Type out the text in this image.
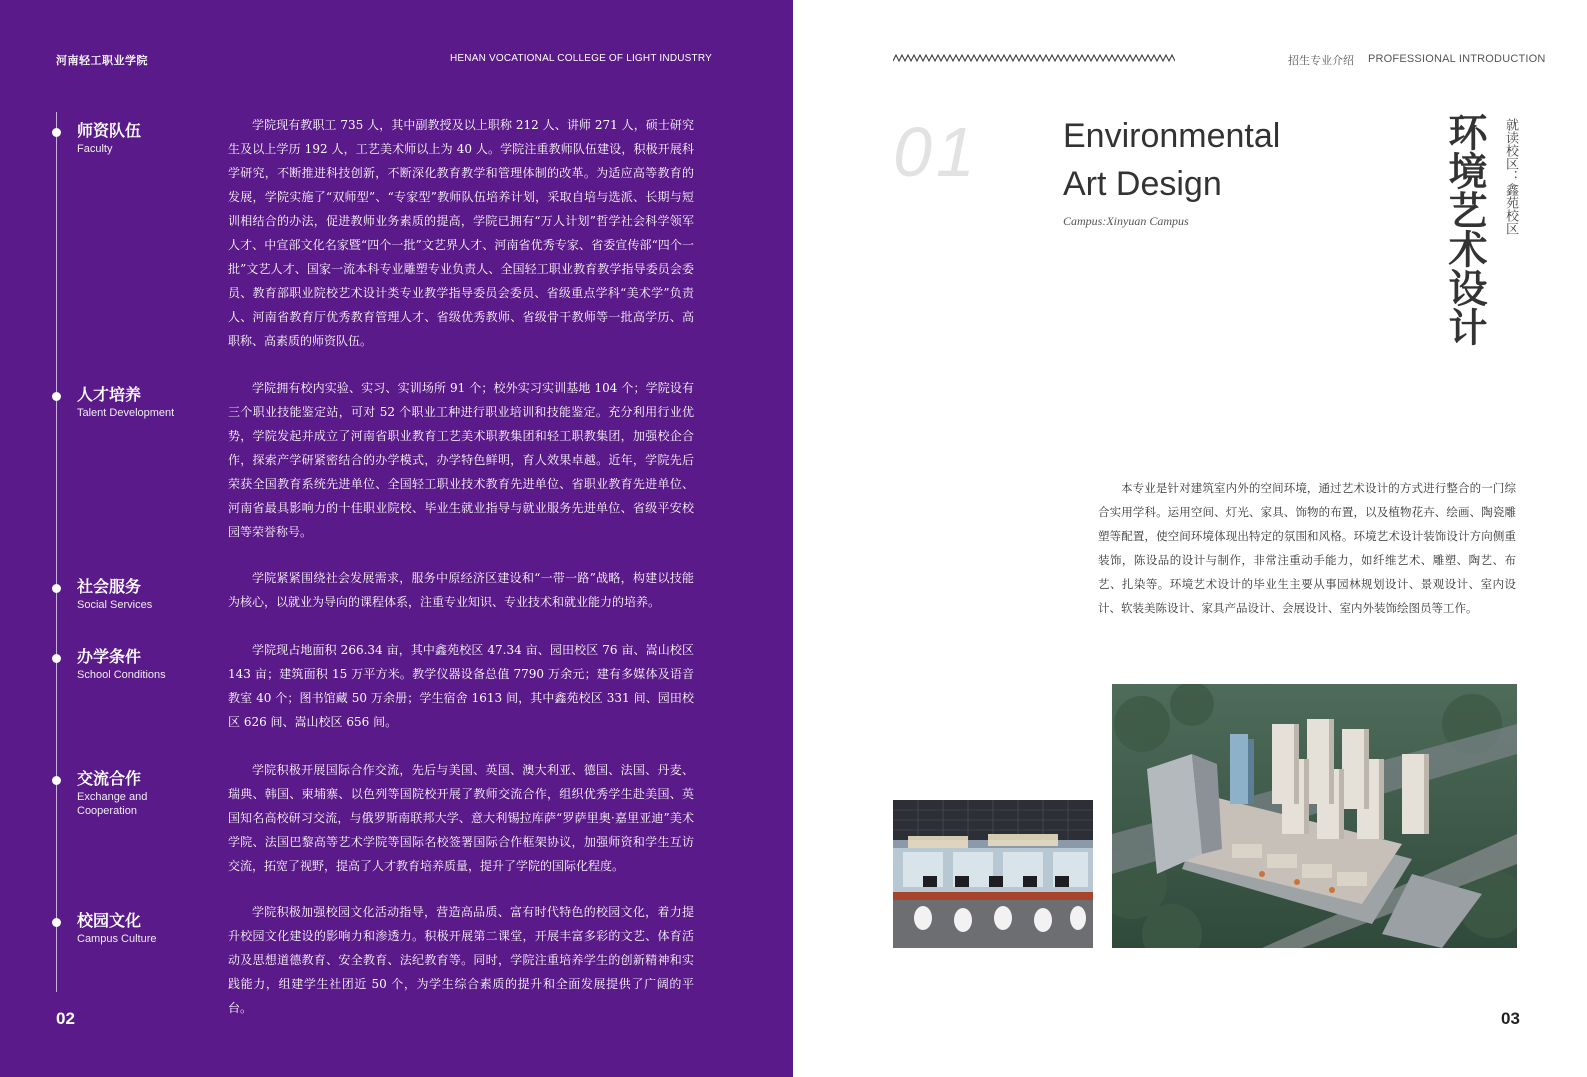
河南轻工职业学院	HENAN VOCATIONAL COLLEGE OF LIGHT INDUSTRY
师资队伍
Faculty
学院现有教职工 735 人，其中副教授及以上职称 212 人、讲师 271 人，硕士研究生及以上学历 192 人，工艺美术师以上为 40 人。学院注重教师队伍建设，积极开展科学研究，不断推进科技创新，不断深化教育教学和管理体制的改革。为适应高等教育的发展，学院实施了“双师型”、“专家型”教师队伍培养计划，采取自培与选派、长期与短训相结合的办法，促进教师业务素质的提高，学院已拥有“万人计划”哲学社会科学领军人才、中宣部文化名家暨“四个一批”文艺界人才、河南省优秀专家、省委宣传部“四个一批”文艺人才、国家一流本科专业雕塑专业负责人、全国轻工职业教育教学指导委员会委员、教育部职业院校艺术设计类专业教学指导委员会委员、省级重点学科“美术学”负责人、河南省教育厅优秀教育管理人才、省级优秀教师、省级骨干教师等一批高学历、高职称、高素质的师资队伍。
人才培养
Talent Development
学院拥有校内实验、实习、实训场所 91 个；校外实习实训基地 104 个；学院设有三个职业技能鉴定站，可对 52 个职业工种进行职业培训和技能鉴定。充分利用行业优势，学院发起并成立了河南省职业教育工艺美术职教集团和轻工职教集团，加强校企合作，探索产学研紧密结合的办学模式，办学特色鲜明，育人效果卓越。近年，学院先后荣获全国教育系统先进单位、全国轻工职业技术教育先进单位、省职业教育先进单位、河南省最具影响力的十佳职业院校、毕业生就业指导与就业服务先进单位、省级平安校园等荣誉称号。
社会服务
Social Services
学院紧紧围绕社会发展需求，服务中原经济区建设和“一带一路”战略，构建以技能为核心，以就业为导向的课程体系，注重专业知识、专业技术和就业能力的培养。
办学条件
School Conditions
学院现占地面积 266.34 亩，其中鑫苑校区 47.34 亩、园田校区 76 亩、嵩山校区 143 亩；建筑面积 15 万平方米。教学仪器设备总值 7790 万余元；建有多媒体及语音教室 40 个；图书馆藏 50 万余册；学生宿舍 1613 间，其中鑫苑校区 331 间、园田校区 626 间、嵩山校区 656 间。
交流合作
Exchange and Cooperation
学院积极开展国际合作交流，先后与美国、英国、澳大利亚、德国、法国、丹麦、瑞典、韩国、柬埔寨、以色列等国院校开展了教师交流合作，组织优秀学生赴美国、英国知名高校研习交流，与俄罗斯南联邦大学、意大利锡拉库萨“罗萨里奥·嘉里亚迪”美术学院、法国巴黎高等艺术学院等国际名校签署国际合作框架协议，加强师资和学生互访交流，拓宽了视野，提高了人才教育培养质量，提升了学院的国际化程度。
校园文化
Campus Culture
学院积极加强校园文化活动指导，营造高品质、富有时代特色的校园文化，着力提升校园文化建设的影响力和渗透力。积极开展第二课堂，开展丰富多彩的文艺、体育活动及思想道德教育、安全教育、法纪教育等。同时，学院注重培养学生的创新精神和实践能力，组建学生社团近 50 个，为学生综合素质的提升和全面发展提供了广阔的平台。
02
招生专业介绍 PROFESSIONAL INTRODUCTION
01 Environmental
Art Design
Campus:Xinyuan Campus	环境艺术设计	就读校区：鑫苑校区
本专业是针对建筑室内外的空间环境，通过艺术设计的方式进行整合的一门综合实用学科。运用空间、灯光、家具、饰物的布置，以及植物花卉、绘画、陶瓷雕塑等配置，使空间环境体现出特定的氛围和风格。环境艺术设计装饰设计方向侧重装饰，陈设品的设计与制作，非常注重动手能力，如纤维艺术、雕塑、陶艺、布艺、扎染等。环境艺术设计的毕业生主要从事园林规划设计、景观设计、室内设计、软装美陈设计、家具产品设计、会展设计、室内外装饰绘图员等工作。
03
